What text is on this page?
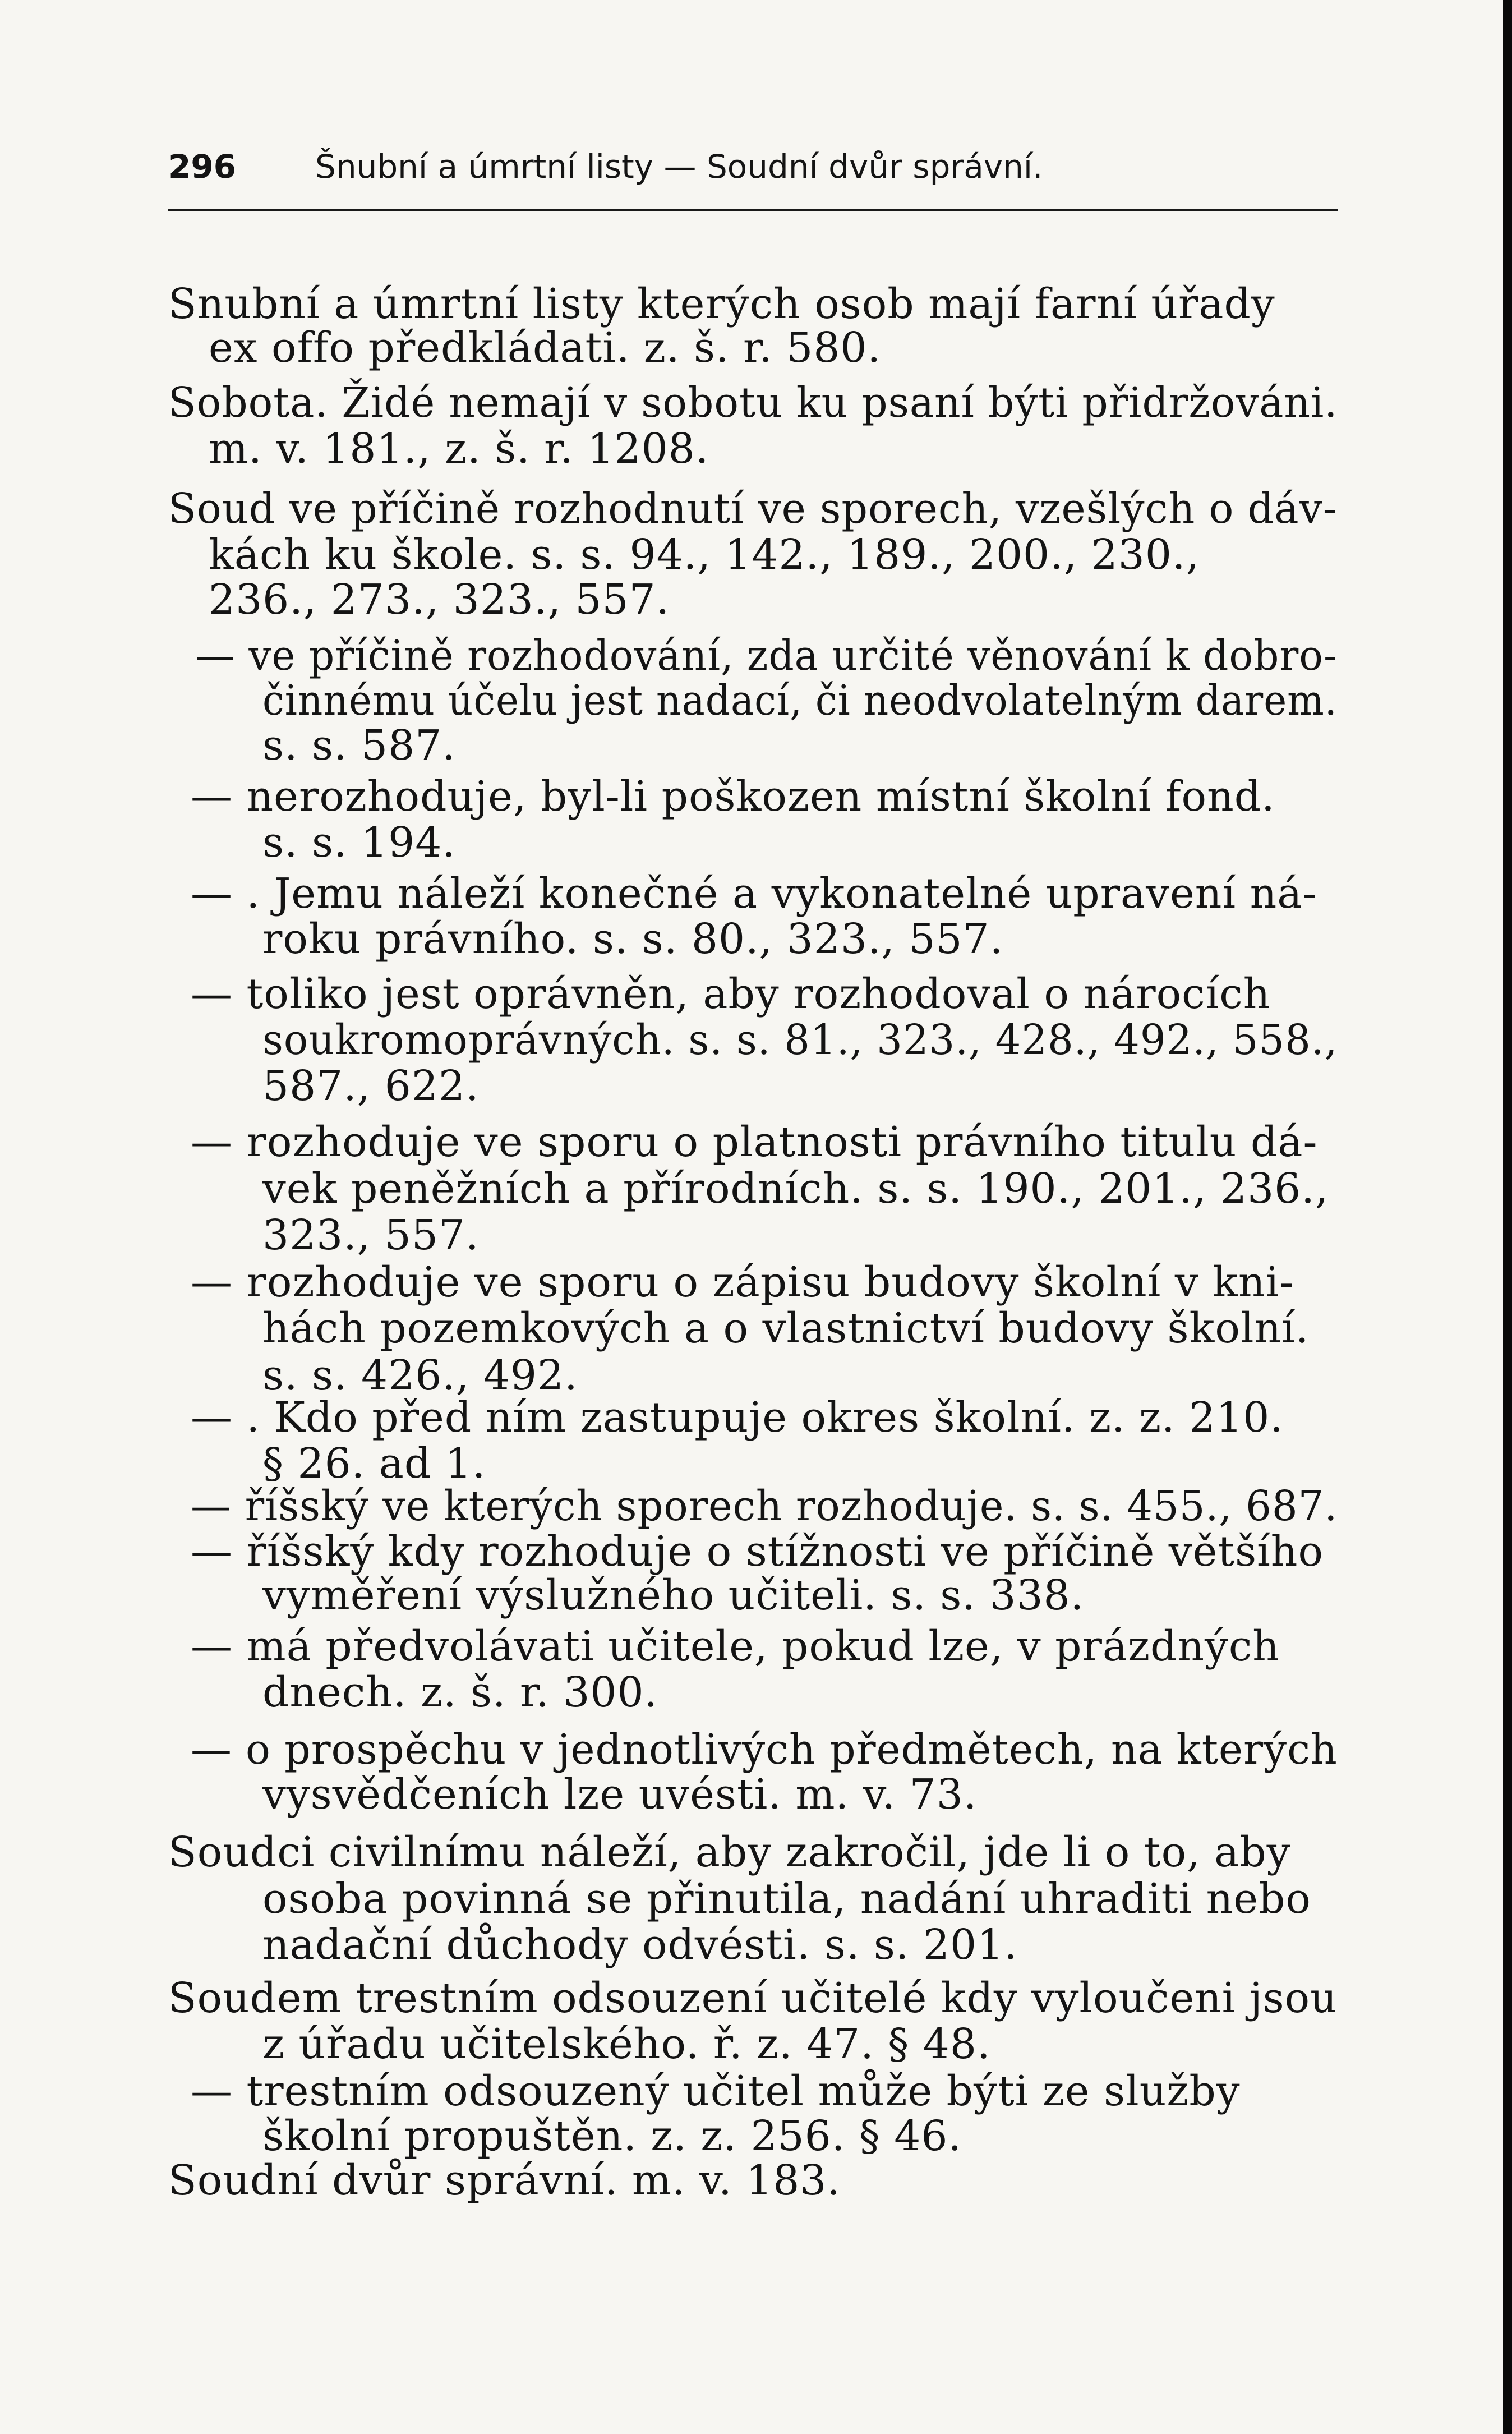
296 Šnubní a úmrtní listy — Soudní dvůr správní.
Snubní a úmrtní listy kterých osob mají farní úřady
ex offo předkládati. z. š. r. 580.
Sobota. Židé nemají v sobotu ku psaní býti přidržováni.
m. v. 181., z. š. r. 1208.
Soud ve příčině rozhodnutí ve sporech, vzešlých o dáv-
kách ku škole. s. s. 94., 142., 189., 200., 230.,
236., 273., 323., 557.
— ve příčině rozhodování, zda určité věnování k dobro-
činnému účelu jest nadací, či neodvolatelným darem.
s. s. 587.
— nerozhoduje, byl-li poškozen místní školní fond.
s. s. 194.
— . Jemu náleží konečné a vykonatelné upravení ná-
roku právního. s. s. 80., 323., 557.
— toliko jest oprávněn, aby rozhodoval o nárocích
soukromoprávných. s. s. 81., 323., 428., 492., 558.,
587., 622.
— rozhoduje ve sporu o platnosti právního titulu dá-
vek peněžních a přírodních. s. s. 190., 201., 236.,
323., 557.
— rozhoduje ve sporu o zápisu budovy školní v kni-
hách pozemkových a o vlastnictví budovy školní.
s. s. 426., 492.
— . Kdo před ním zastupuje okres školní. z. z. 210.
§ 26. ad 1.
— říšský ve kterých sporech rozhoduje. s. s. 455., 687.
— říšský kdy rozhoduje o stížnosti ve příčině většího
vyměření výslužného učiteli. s. s. 338.
— má předvolávati učitele, pokud lze, v prázdných
dnech. z. š. r. 300.
— o prospěchu v jednotlivých předmětech, na kterých
vysvědčeních lze uvésti. m. v. 73.
Soudci civilnímu náleží, aby zakročil, jde li o to, aby
osoba povinná se přinutila, nadání uhraditi nebo
nadační důchody odvésti. s. s. 201.
Soudem trestním odsouzení učitelé kdy vyloučeni jsou
z úřadu učitelského. ř. z. 47. § 48.
— trestním odsouzený učitel může býti ze služby
školní propuštěn. z. z. 256. § 46.
Soudní dvůr správní. m. v. 183.
